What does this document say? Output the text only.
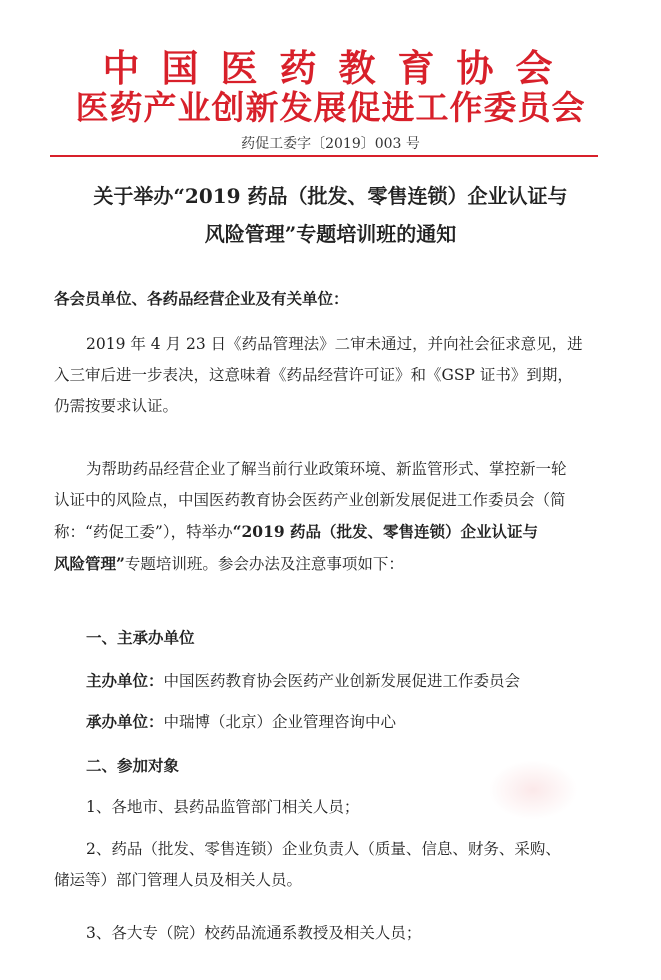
中国医药教育协会
医药产业创新发展促进工作委员会
药促工委字〔2019〕003 号
关于举办“2019 药品（批发、零售连锁）企业认证与
风险管理”专题培训班的通知
各会员单位、各药品经营企业及有关单位：
2019 年 4 月 23 日《药品管理法》二审未通过，并向社会征求意见，进
入三审后进一步表决，这意味着《药品经营许可证》和《GSP 证书》到期，
仍需按要求认证。
为帮助药品经营企业了解当前行业政策环境、新监管形式、掌控新一轮
认证中的风险点，中国医药教育协会医药产业创新发展促进工作委员会（简
称：“药促工委”），特举办“2019 药品（批发、零售连锁）企业认证与
风险管理”专题培训班。参会办法及注意事项如下：
一、主承办单位
主办单位：中国医药教育协会医药产业创新发展促进工作委员会
承办单位：中瑞博（北京）企业管理咨询中心
二、参加对象
1、各地市、县药品监管部门相关人员；
2、药品（批发、零售连锁）企业负责人（质量、信息、财务、采购、
储运等）部门管理人员及相关人员。
3、各大专（院）校药品流通系教授及相关人员；
